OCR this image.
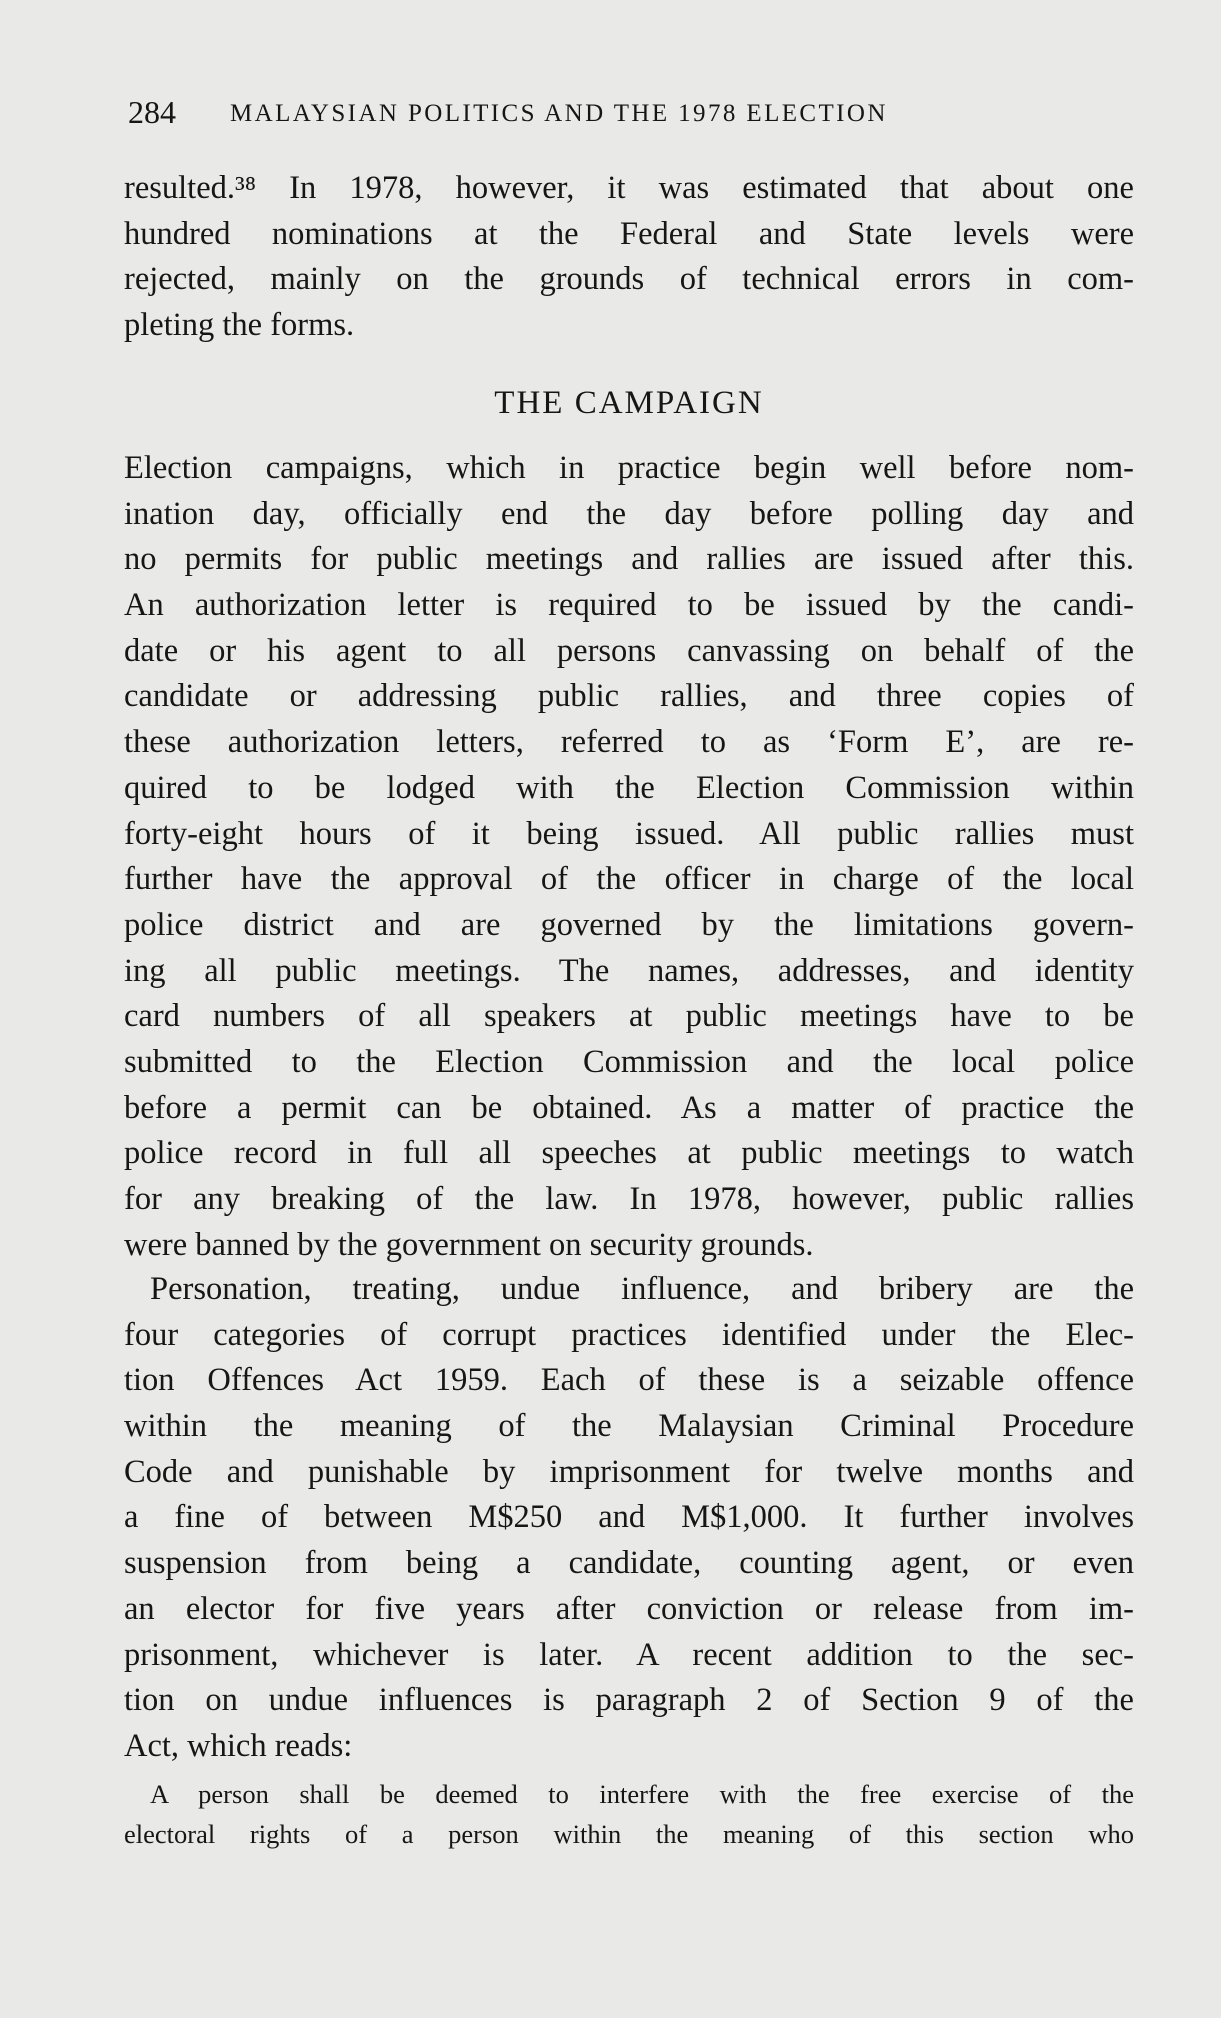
284 MALAYSIAN POLITICS AND THE 1978 ELECTION
resulted.³⁸ In 1978, however, it was estimated that about one
hundred nominations at the Federal and State levels were
rejected, mainly on the grounds of technical errors in com-
pleting the forms.
THE CAMPAIGN
Election campaigns, which in practice begin well before nom-
ination day, officially end the day before polling day and
no permits for public meetings and rallies are issued after this.
An authorization letter is required to be issued by the candi-
date or his agent to all persons canvassing on behalf of the
candidate or addressing public rallies, and three copies of
these authorization letters, referred to as ‘Form E’, are re-
quired to be lodged with the Election Commission within
forty-eight hours of it being issued. All public rallies must
further have the approval of the officer in charge of the local
police district and are governed by the limitations govern-
ing all public meetings. The names, addresses, and identity
card numbers of all speakers at public meetings have to be
submitted to the Election Commission and the local police
before a permit can be obtained. As a matter of practice the
police record in full all speeches at public meetings to watch
for any breaking of the law. In 1978, however, public rallies
were banned by the government on security grounds.
Personation, treating, undue influence, and bribery are the
four categories of corrupt practices identified under the Elec-
tion Offences Act 1959. Each of these is a seizable offence
within the meaning of the Malaysian Criminal Procedure
Code and punishable by imprisonment for twelve months and
a fine of between M$250 and M$1,000. It further involves
suspension from being a candidate, counting agent, or even
an elector for five years after conviction or release from im-
prisonment, whichever is later. A recent addition to the sec-
tion on undue influences is paragraph 2 of Section 9 of the
Act, which reads:
A person shall be deemed to interfere with the free exercise of the
electoral rights of a person within the meaning of this section who
